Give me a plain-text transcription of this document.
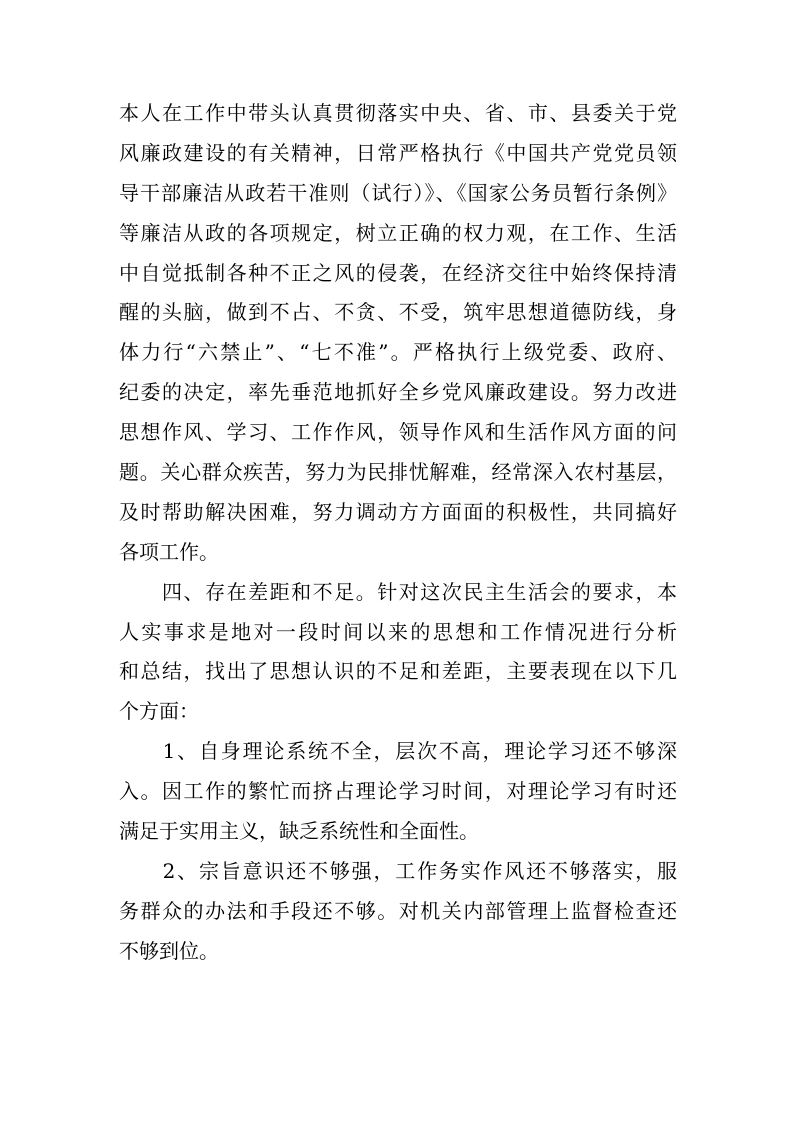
本人在工作中带头认真贯彻落实中央、省、市、县委关于党
风廉政建设的有关精神，日常严格执行《中国共产党党员领
导干部廉洁从政若干准则（试行）》、《国家公务员暂行条例》
等廉洁从政的各项规定，树立正确的权力观，在工作、生活
中自觉抵制各种不正之风的侵袭，在经济交往中始终保持清
醒的头脑，做到不占、不贪、不受，筑牢思想道德防线，身
体力行“六禁止”、“七不准”。严格执行上级党委、政府、
纪委的决定，率先垂范地抓好全乡党风廉政建设。努力改进
思想作风、学习、工作作风，领导作风和生活作风方面的问
题。关心群众疾苦，努力为民排忧解难，经常深入农村基层，
及时帮助解决困难，努力调动方方面面的积极性，共同搞好
各项工作。
　　四、存在差距和不足。针对这次民主生活会的要求，本
人实事求是地对一段时间以来的思想和工作情况进行分析
和总结，找出了思想认识的不足和差距，主要表现在以下几
个方面：
　　1、自身理论系统不全，层次不高，理论学习还不够深
入。因工作的繁忙而挤占理论学习时间，对理论学习有时还
满足于实用主义，缺乏系统性和全面性。
　　2、宗旨意识还不够强，工作务实作风还不够落实，服
务群众的办法和手段还不够。对机关内部管理上监督检查还
不够到位。
